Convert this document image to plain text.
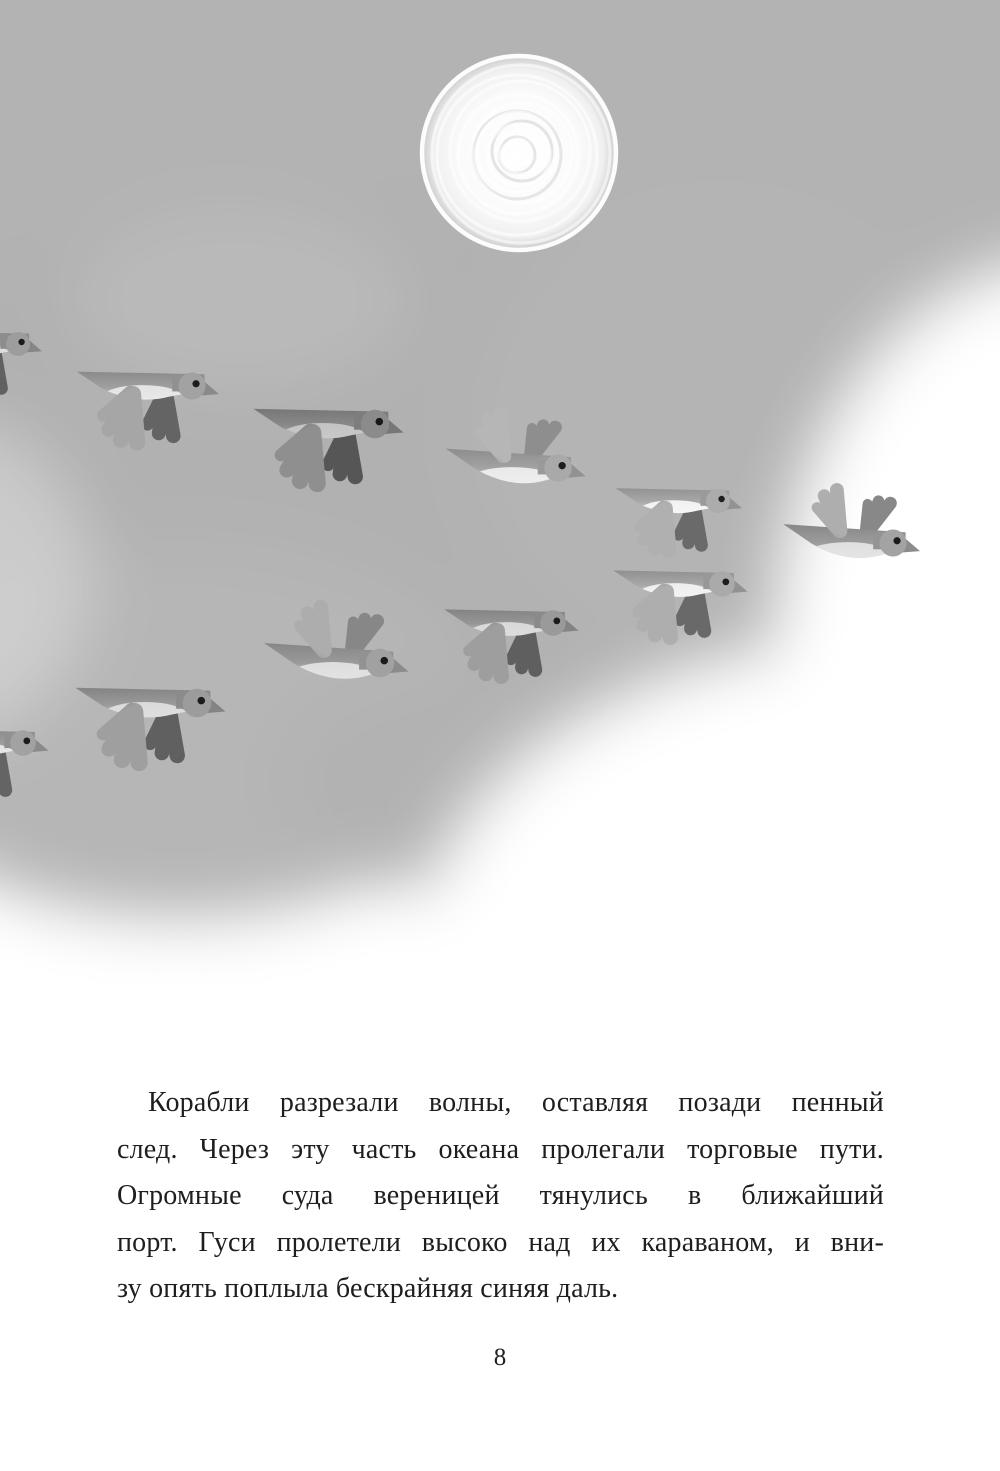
Корабли разрезали волны, оставляя позади пенный
след. Через эту часть океана пролегали торговые пути.
Огромные суда вереницей тянулись в ближайший
порт. Гуси пролетели высоко над их караваном, и вни-
зу опять поплыла бескрайняя синяя даль.
8
